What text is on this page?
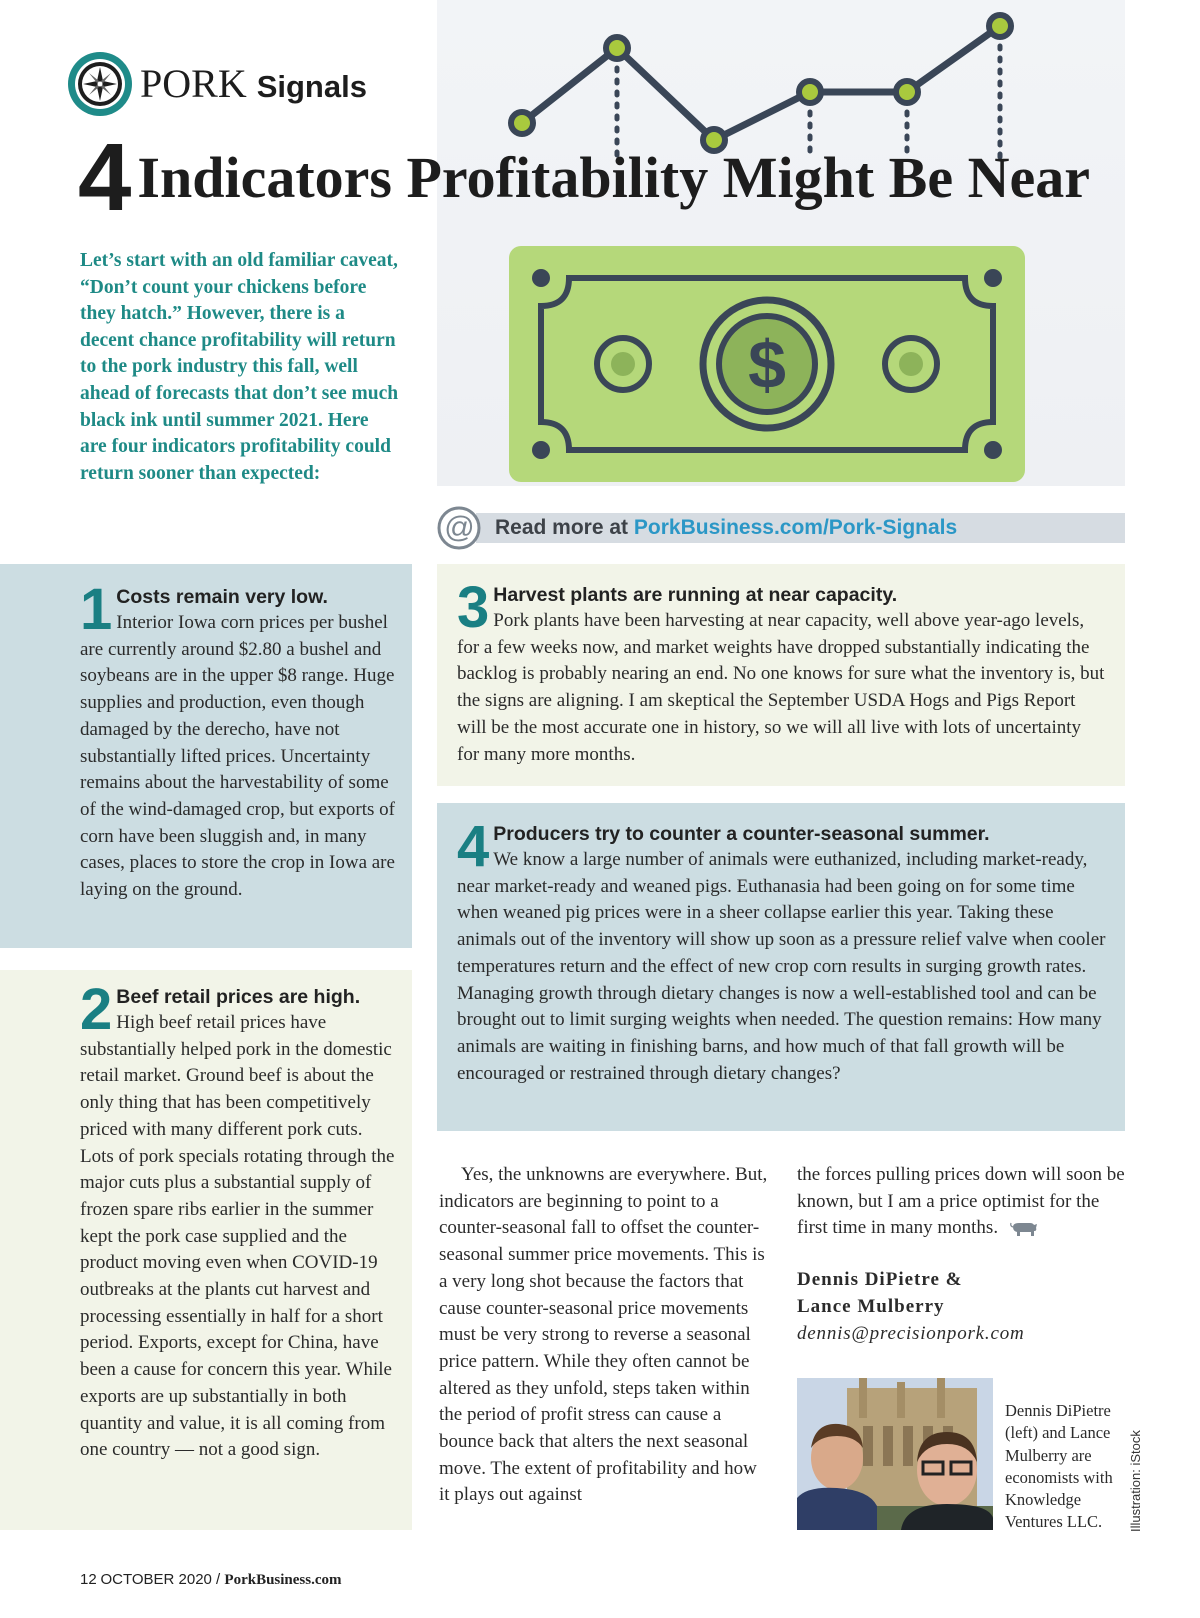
PORK Signals
$
4 Indicators Profitability Might Be Near
Let’s start with an old familiar caveat, “Don’t count your chickens before they hatch.” However, there is a decent chance profitability will return to the pork industry this fall, well ahead of forecasts that don’t see much black ink until summer 2021. Here are four indicators profitability could return sooner than expected:
@ Read more at PorkBusiness.com/Pork-Signals
1 Costs remain very low.
Interior Iowa corn prices per bushel are currently around $2.80 a bushel and soybeans are in the upper $8 range. Huge supplies and production, even though damaged by the derecho, have not substantially lifted prices. Uncertainty remains about the harvestability of some of the wind-damaged crop, but exports of corn have been sluggish and, in many cases, places to store the crop in Iowa are laying on the ground.
2 Beef retail prices are high.
High beef retail prices have substantially helped pork in the domestic retail market. Ground beef is about the only thing that has been competitively priced with many different pork cuts. Lots of pork specials rotating through the major cuts plus a substantial supply of frozen spare ribs earlier in the summer kept the pork case supplied and the product moving even when COVID-19 outbreaks at the plants cut harvest and processing essentially in half for a short period. Exports, except for China, have been a cause for concern this year. While exports are up substantially in both quantity and value, it is all coming from one country — not a good sign.
3 Harvest plants are running at near capacity.
Pork plants have been harvesting at near capacity, well above year-ago levels, for a few weeks now, and market weights have dropped substantially indicating the backlog is probably nearing an end. No one knows for sure what the inventory is, but the signs are aligning. I am skeptical the September USDA Hogs and Pigs Report will be the most accurate one in history, so we will all live with lots of uncertainty for many more months.
4 Producers try to counter a counter-seasonal summer.
We know a large number of animals were euthanized, including market-ready, near market-ready and weaned pigs. Euthanasia had been going on for some time when weaned pig prices were in a sheer collapse earlier this year. Taking these animals out of the inventory will show up soon as a pressure relief valve when cooler temperatures return and the effect of new crop corn results in surging growth rates. Managing growth through dietary changes is now a well-established tool and can be brought out to limit surging weights when needed. The question remains: How many animals are waiting in finishing barns, and how much of that fall growth will be encouraged or restrained through dietary changes?
Yes, the unknowns are everywhere. But, indicators are beginning to point to a counter-seasonal fall to offset the counter-seasonal summer price movements. This is a very long shot because the factors that cause counter-seasonal price movements must be very strong to reverse a seasonal price pattern. While they often cannot be altered as they unfold, steps taken within the period of profit stress can cause a bounce back that alters the next seasonal move. The extent of profitability and how it plays out against
the forces pulling prices down will soon be known, but I am a price optimist for the first time in many months.
Dennis DiPietre &
Lance Mulberry
dennis@precisionpork.com
Dennis DiPietre (left) and Lance Mulberry are economists with Knowledge Ventures LLC.	Illustration: iStock
12 OCTOBER 2020 / PorkBusiness.com
